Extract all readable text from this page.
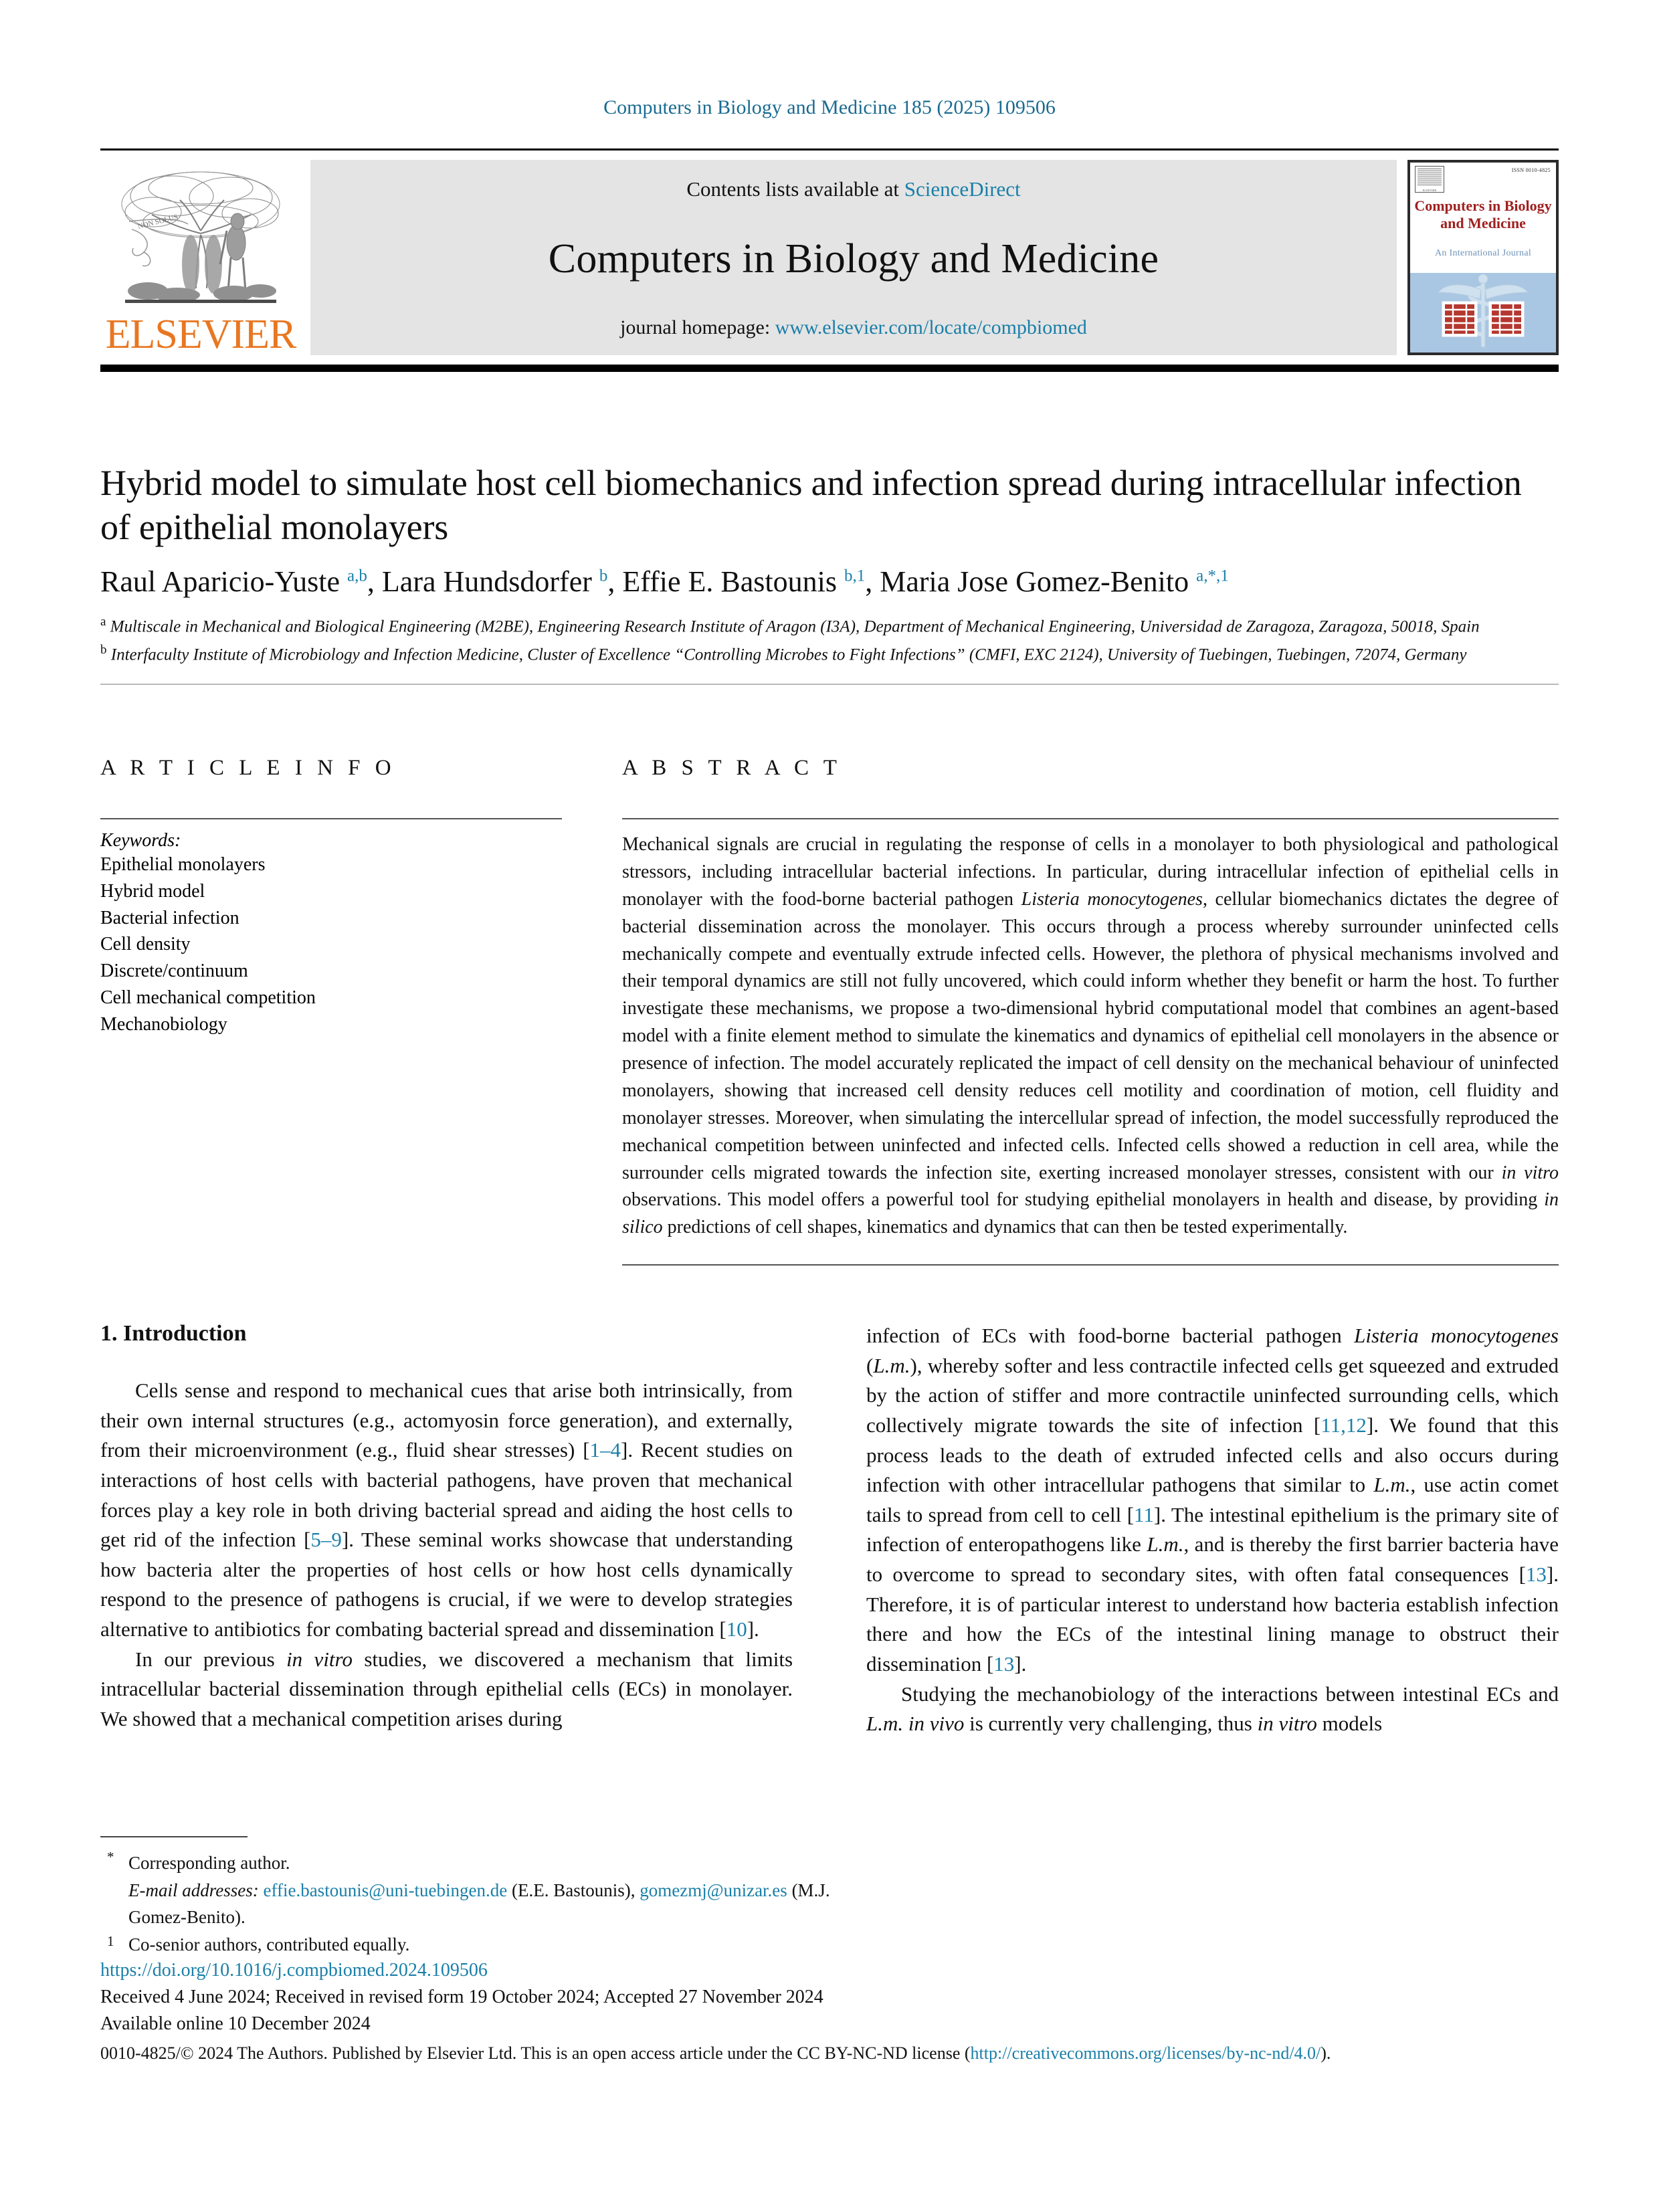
Computers in Biology and Medicine 185 (2025) 109506
NON SOLUS
ELSEVIER
Contents lists available at ScienceDirect
Computers in Biology and Medicine
journal homepage: www.elsevier.com/locate/compbiomed
ELSEVIER
ISSN 0010-4825
Computers in Biology
and Medicine
An International Journal
Hybrid model to simulate host cell biomechanics and infection spread during intracellular infection of epithelial monolayers
Raul Aparicio-Yuste $^{a,b}$, Lara Hundsdorfer $^b$, Effie E. Bastounis $^{b,1}$, Maria Jose Gomez-Benito $^{a,*,1}$
$^a$ Multiscale in Mechanical and Biological Engineering (M2BE), Engineering Research Institute of Aragon (I3A), Department of Mechanical Engineering, Universidad de Zaragoza, Zaragoza, 50018, Spain
$^b$ Interfaculty Institute of Microbiology and Infection Medicine, Cluster of Excellence “Controlling Microbes to Fight Infections” (CMFI, EXC 2124), University of Tuebingen, Tuebingen, 72074, Germany
A R T I C L E I N F O
Keywords:
Epithelial monolayers
Hybrid model
Bacterial infection
Cell density
Discrete/continuum
Cell mechanical competition
Mechanobiology
A B S T R A C T
Mechanical signals are crucial in regulating the response of cells in a monolayer to both physiological and pathological stressors, including intracellular bacterial infections. In particular, during intracellular infection of epithelial cells in monolayer with the food-borne bacterial pathogen Listeria monocytogenes, cellular biomechanics dictates the degree of bacterial dissemination across the monolayer. This occurs through a process whereby surrounder uninfected cells mechanically compete and eventually extrude infected cells. However, the plethora of physical mechanisms involved and their temporal dynamics are still not fully uncovered, which could inform whether they benefit or harm the host. To further investigate these mechanisms, we propose a two-dimensional hybrid computational model that combines an agent-based model with a finite element method to simulate the kinematics and dynamics of epithelial cell monolayers in the absence or presence of infection. The model accurately replicated the impact of cell density on the mechanical behaviour of uninfected monolayers, showing that increased cell density reduces cell motility and coordination of motion, cell fluidity and monolayer stresses. Moreover, when simulating the intercellular spread of infection, the model successfully reproduced the mechanical competition between uninfected and infected cells. Infected cells showed a reduction in cell area, while the surrounder cells migrated towards the infection site, exerting increased monolayer stresses, consistent with our in vitro observations. This model offers a powerful tool for studying epithelial monolayers in health and disease, by providing in silico predictions of cell shapes, kinematics and dynamics that can then be tested experimentally.
1. Introduction

Cells sense and respond to mechanical cues that arise both intrinsically, from their own internal structures (e.g., actomyosin force generation), and externally, from their microenvironment (e.g., fluid shear stresses) [1–4]. Recent studies on interactions of host cells with bacterial pathogens, have proven that mechanical forces play a key role in both driving bacterial spread and aiding the host cells to get rid of the infection [5–9]. These seminal works showcase that understanding how bacteria alter the properties of host cells or how host cells dynamically respond to the presence of pathogens is crucial, if we were to develop strategies alternative to antibiotics for combating bacterial spread and dissemination [10].

In our previous in vitro studies, we discovered a mechanism that limits intracellular bacterial dissemination through epithelial cells (ECs) in monolayer. We showed that a mechanical competition arises during

infection of ECs with food-borne bacterial pathogen Listeria monocytogenes (L.m.), whereby softer and less contractile infected cells get squeezed and extruded by the action of stiffer and more contractile uninfected surrounding cells, which collectively migrate towards the site of infection [11,12]. We found that this process leads to the death of extruded infected cells and also occurs during infection with other intracellular pathogens that similar to L.m., use actin comet tails to spread from cell to cell [11]. The intestinal epithelium is the primary site of infection of enteropathogens like L.m., and is thereby the first barrier bacteria have to overcome to spread to secondary sites, with often fatal consequences [13]. Therefore, it is of particular interest to understand how bacteria establish infection there and how the ECs of the intestinal lining manage to obstruct their dissemination [13].

Studying the mechanobiology of the interactions between intestinal ECs and L.m. in vivo is currently very challenging, thus in vitro models

* Corresponding author.
E-mail addresses: effie.bastounis@uni-tuebingen.de (E.E. Bastounis), gomezmj@unizar.es (M.J. Gomez-Benito).
1 Co-senior authors, contributed equally.
https://doi.org/10.1016/j.compbiomed.2024.109506
Received 4 June 2024; Received in revised form 19 October 2024; Accepted 27 November 2024
Available online 10 December 2024
0010-4825/© 2024 The Authors. Published by Elsevier Ltd. This is an open access article under the CC BY-NC-ND license (http://creativecommons.org/licenses/by-nc-nd/4.0/).
